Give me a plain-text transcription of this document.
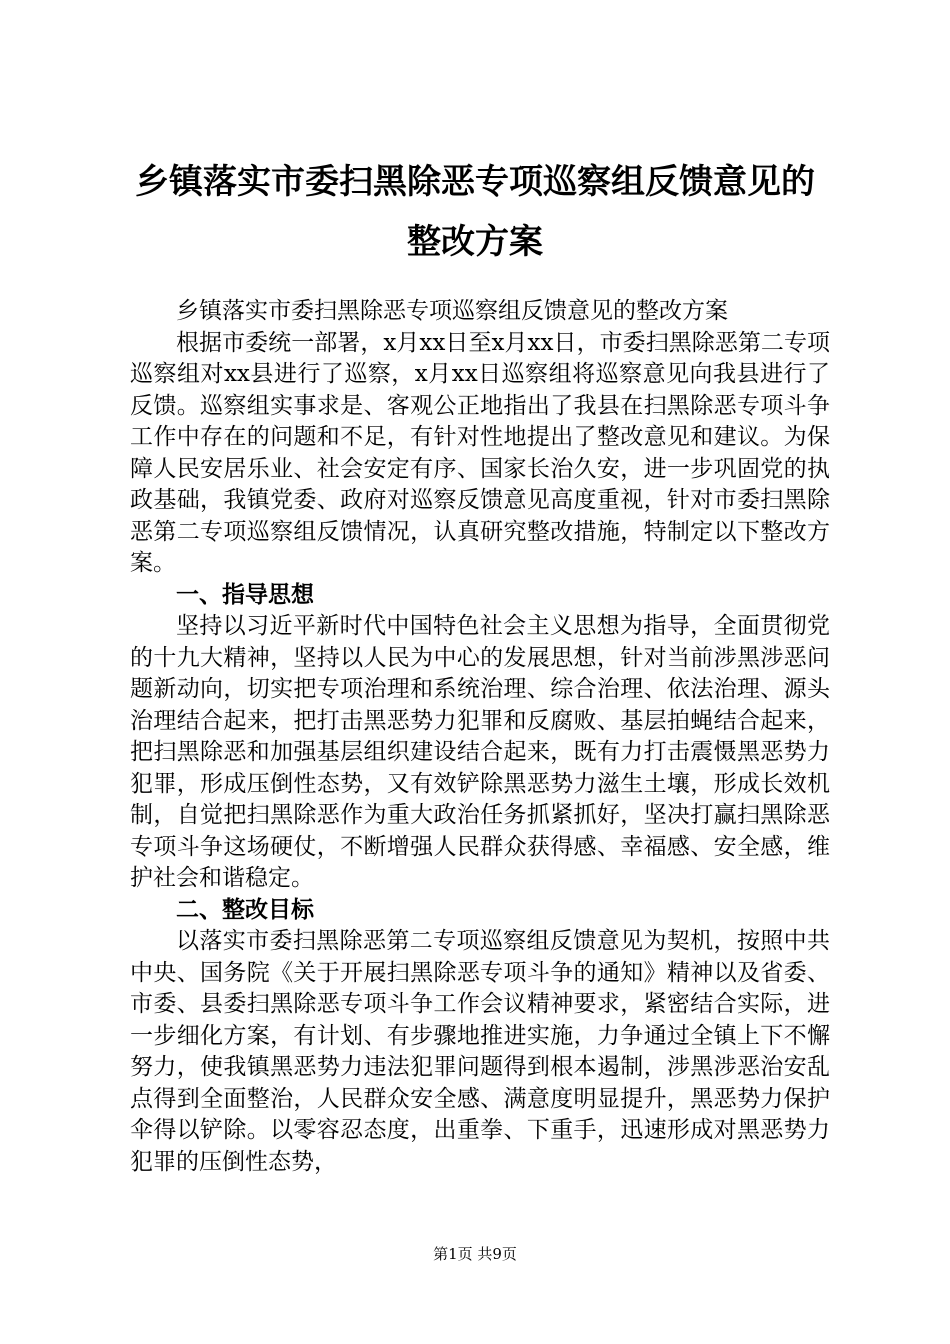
乡镇落实市委扫黑除恶专项巡察组反馈意见的
整改方案

乡镇落实市委扫黑除恶专项巡察组反馈意见的整改方案

根据市委统一部署，x月xx日至x月xx日，市委扫黑除恶第二专项巡察组对xx县进行了巡察，x月xx日巡察组将巡察意见向我县进行了反馈。巡察组实事求是、客观公正地指出了我县在扫黑除恶专项斗争工作中存在的问题和不足，有针对性地提出了整改意见和建议。为保障人民安居乐业、社会安定有序、国家长治久安，进一步巩固党的执政基础，我镇党委、政府对巡察反馈意见高度重视，针对市委扫黑除恶第二专项巡察组反馈情况，认真研究整改措施，特制定以下整改方案。

一、指导思想

坚持以习近平新时代中国特色社会主义思想为指导，全面贯彻党的十九大精神，坚持以人民为中心的发展思想，针对当前涉黑涉恶问题新动向，切实把专项治理和系统治理、综合治理、依法治理、源头治理结合起来，把打击黑恶势力犯罪和反腐败、基层拍蝇结合起来，把扫黑除恶和加强基层组织建设结合起来，既有力打击震慑黑恶势力犯罪，形成压倒性态势，又有效铲除黑恶势力滋生土壤，形成长效机制，自觉把扫黑除恶作为重大政治任务抓紧抓好，坚决打赢扫黑除恶专项斗争这场硬仗，不断增强人民群众获得感、幸福感、安全感，维护社会和谐稳定。

二、整改目标

以落实市委扫黑除恶第二专项巡察组反馈意见为契机，按照中共中央、国务院《关于开展扫黑除恶专项斗争的通知》精神以及省委、市委、县委扫黑除恶专项斗争工作会议精神要求，紧密结合实际，进一步细化方案，有计划、有步骤地推进实施，力争通过全镇上下不懈努力，使我镇黑恶势力违法犯罪问题得到根本遏制，涉黑涉恶治安乱点得到全面整治，人民群众安全感、满意度明显提升，黑恶势力保护伞得以铲除。以零容忍态度，出重拳、下重手，迅速形成对黑恶势力犯罪的压倒性态势，

第1页 共9页
